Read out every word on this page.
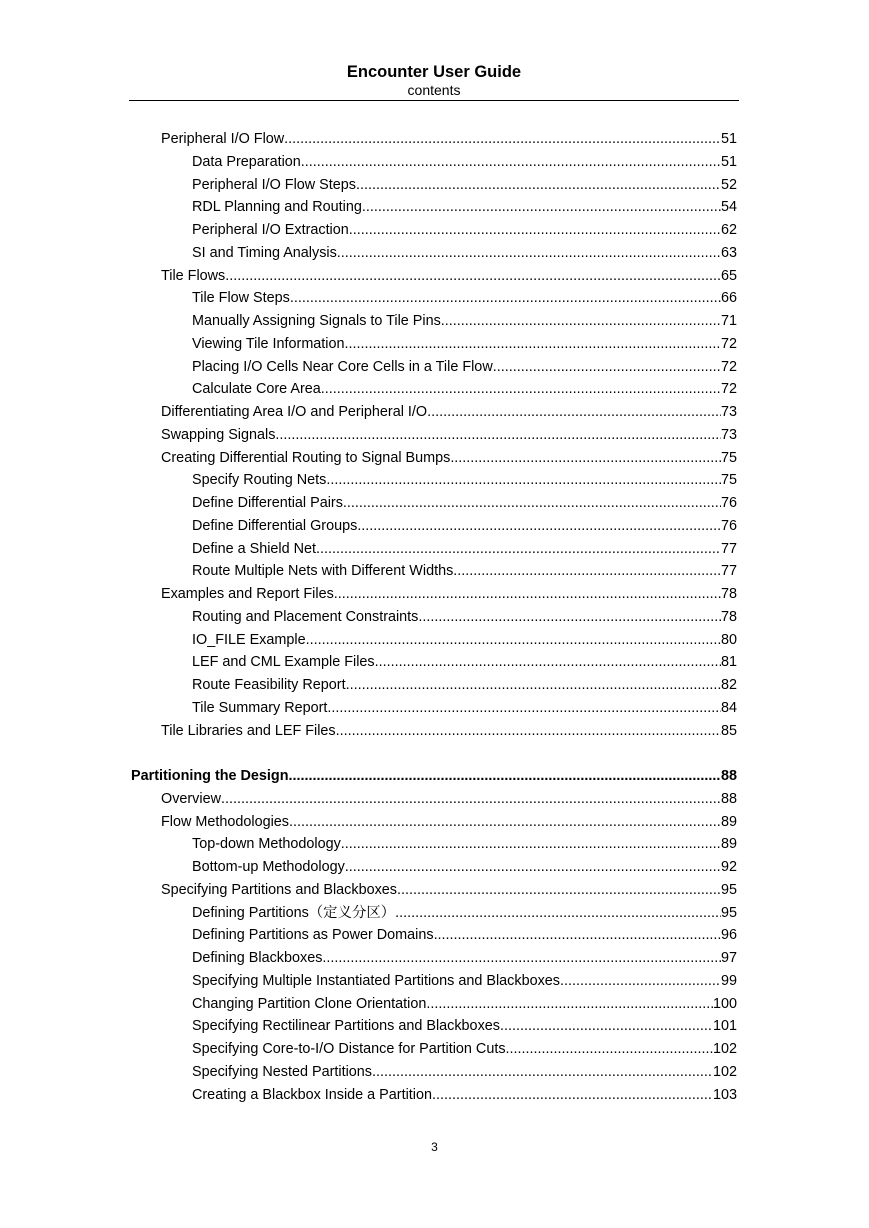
Encounter User Guide
contents
Peripheral I/O Flow .....	51
Data Preparation .....	51
Peripheral I/O Flow Steps .....	52
RDL Planning and Routing .....	54
Peripheral I/O Extraction .....	62
SI and Timing Analysis .....	63
Tile Flows .....	65
Tile Flow Steps .....	66
Manually Assigning Signals to Tile Pins .....	71
Viewing Tile Information .....	72
Placing I/O Cells Near Core Cells in a Tile Flow .....	72
Calculate Core Area .....	72
Differentiating Area I/O and Peripheral I/O .....	73
Swapping Signals .....	73
Creating Differential Routing to Signal Bumps .....	75
Specify Routing Nets .....	75
Define Differential Pairs .....	76
Define Differential Groups .....	76
Define a Shield Net .....	77
Route Multiple Nets with Different Widths .....	77
Examples and Report Files .....	78
Routing and Placement Constraints .....	78
IO_FILE Example .....	80
LEF and CML Example Files .....	81
Route Feasibility Report .....	82
Tile Summary Report .....	84
Tile Libraries and LEF Files .....	85
Partitioning the Design .....	88
Overview .....	88
Flow Methodologies .....	89
Top-down Methodology .....	89
Bottom-up Methodology .....	92
Specifying Partitions and Blackboxes .....	95
Defining Partitions（定义分区） .....	95
Defining Partitions as Power Domains .....	96
Defining Blackboxes .....	97
Specifying Multiple Instantiated Partitions and Blackboxes .....	99
Changing Partition Clone Orientation .....	100
Specifying Rectilinear Partitions and Blackboxes .....	101
Specifying Core-to-I/O Distance for Partition Cuts .....	102
Specifying Nested Partitions .....	102
Creating a Blackbox Inside a Partition .....	103
3
